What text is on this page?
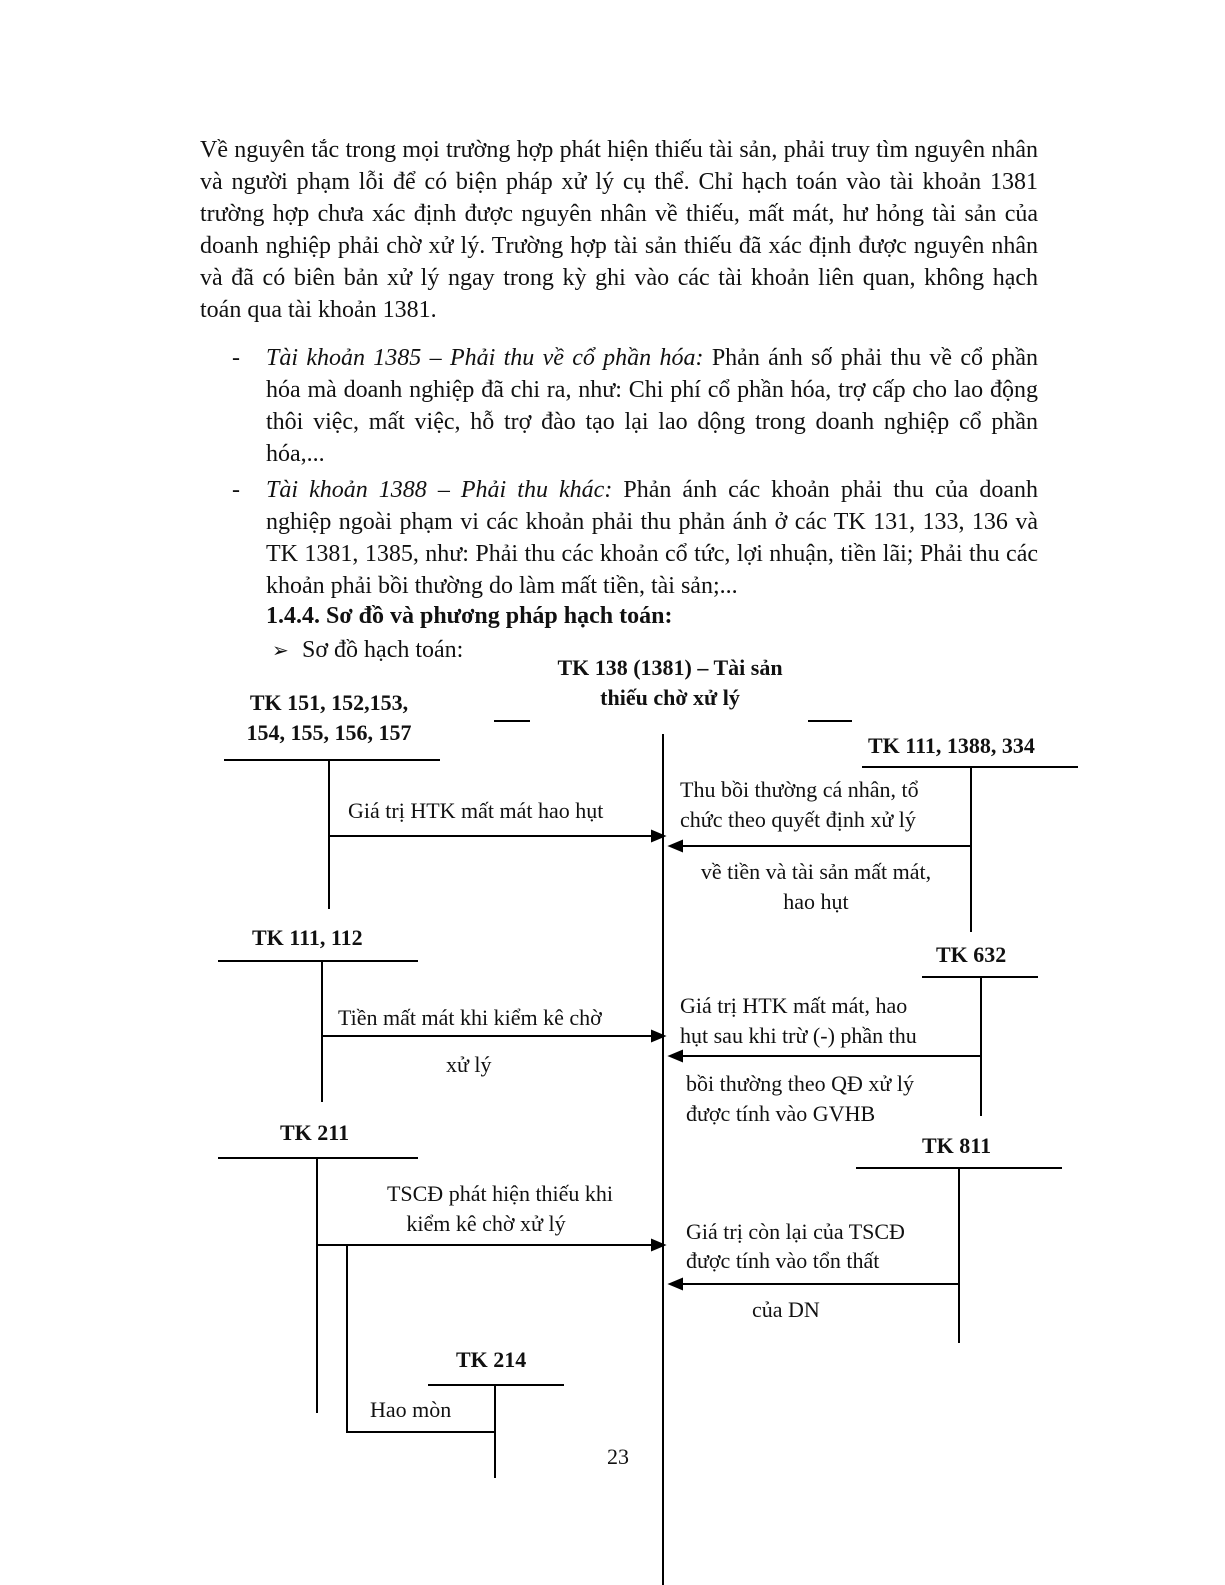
Về nguyên tắc trong mọi trường hợp phát hiện thiếu tài sản, phải truy tìm nguyên nhân và người phạm lỗi để có biện pháp xử lý cụ thể. Chỉ hạch toán vào tài khoản 1381 trường hợp chưa xác định được nguyên nhân về thiếu, mất mát, hư hỏng tài sản của doanh nghiệp phải chờ xử lý. Trường hợp tài sản thiếu đã xác định được nguyên nhân và đã có biên bản xử lý ngay trong kỳ ghi vào các tài khoản liên quan, không hạch toán qua tài khoản 1381.

- Tài khoản 1385 – Phải thu về cổ phần hóa: Phản ánh số phải thu về cổ phần hóa mà doanh nghiệp đã chi ra, như: Chi phí cổ phần hóa, trợ cấp cho lao động thôi việc, mất việc, hỗ trợ đào tạo lại lao dộng trong doanh nghiệp cổ phần hóa,...

- Tài khoản 1388 – Phải thu khác: Phản ánh các khoản phải thu của doanh nghiệp ngoài phạm vi các khoản phải thu phản ánh ở các TK 131, 133, 136 và TK 1381, 1385, như: Phải thu các khoản cổ tức, lợi nhuận, tiền lãi; Phải thu các khoản phải bồi thường do làm mất tiền, tài sản;...

1.4.4. Sơ đồ và phương pháp hạch toán:
➢ Sơ đồ hạch toán:
TK 138 (1381) – Tài sản
thiếu chờ xử lý
TK 151, 152,153,
154, 155, 156, 157
TK 111, 1388, 334
TK 111, 112
TK 632
TK 211
TK 811
TK 214
Giá trị HTK mất mát hao hụt
Thu bồi thường cá nhân, tổ
chức theo quyết định xử lý
về tiền và tài sản mất mát,
hao hụt
Tiền mất mát khi kiểm kê chờ
xử lý
Giá trị HTK mất mát, hao
hụt sau khi trừ (-) phần thu
bồi thường theo QĐ xử lý
được tính vào GVHB
TSCĐ phát hiện thiếu khi
kiểm kê chờ xử lý	Giá trị còn lại của TSCĐ
được tính vào tổn thất
của DN
Hao mòn
23
